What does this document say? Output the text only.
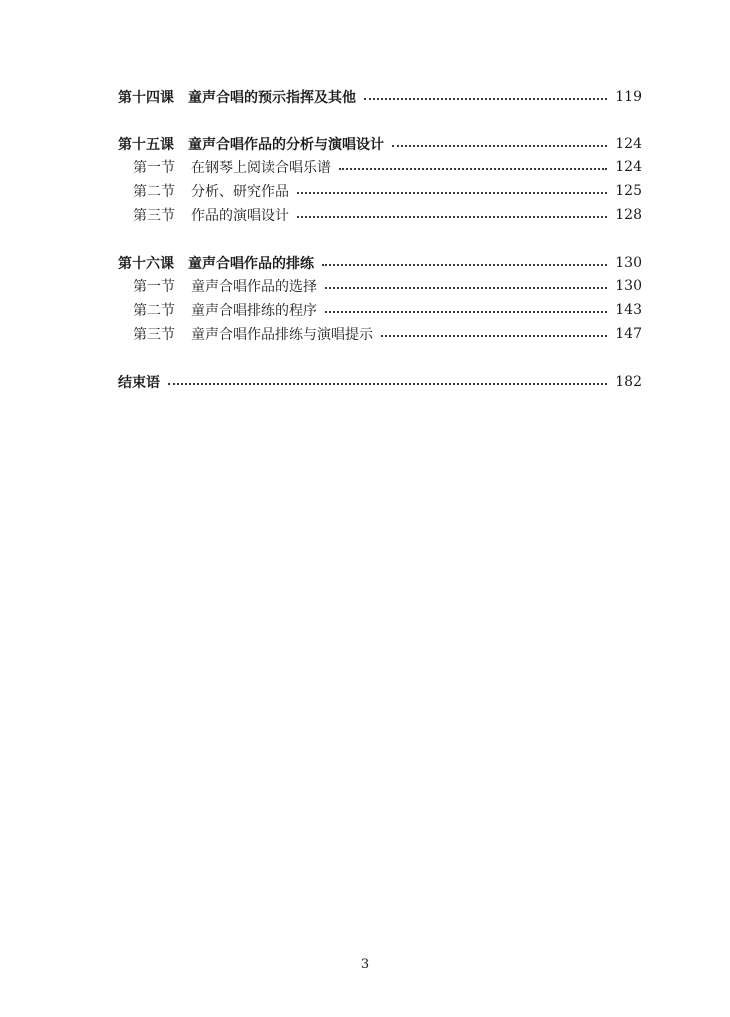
第十四课 童声合唱的预示指挥及其他	119
第十五课 童声合唱作品的分析与演唱设计	124
第一节 在钢琴上阅读合唱乐谱	124
第二节 分析、研究作品	125
第三节 作品的演唱设计	128
第十六课 童声合唱作品的排练	130
第一节 童声合唱作品的选择	130
第二节 童声合唱排练的程序	143
第三节 童声合唱作品排练与演唱提示	147
结束语	182
3
